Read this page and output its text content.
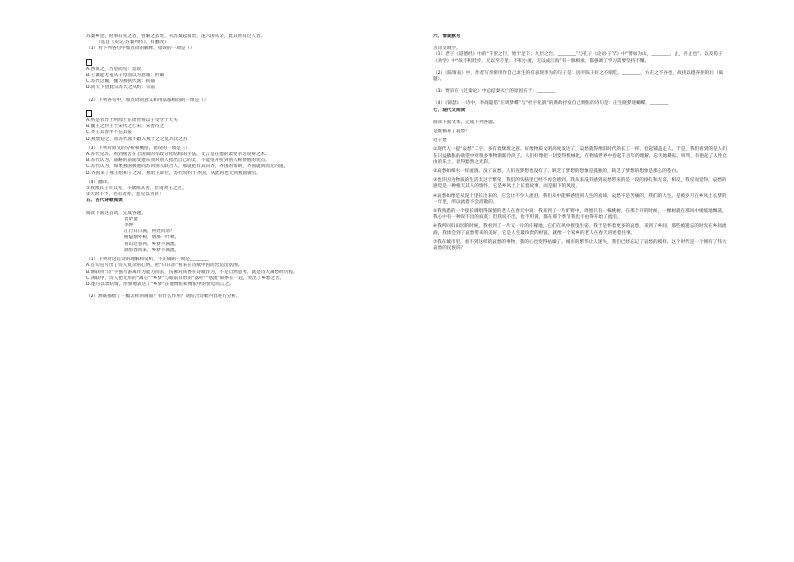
苏秦乡里，时事有先之者，曾解之去处。夫苏秦起富贵，遂六国从亲，此其智有过人者。
（选自《史记·苏秦列传》，有删改）
（1）对下列各句中加点词的解释，错误的一项是（）
A.西说之，乃望而见：息说
B.王诚能无羞从子母而以为意诚：约确
C.苏代过魏，魏为燕执代孰：拘捕
D.而天下由此宗苏氏之从约：宗前
（2）下列各句中，加点词的意义和用法都相同的一组是（）
A.所是者异于所闻于东周皆将以子受令于天失
B.魏王之封王于宋代之亡宋，宋善待之
C.齐王其春平不信其报
D.燕放迎之，而苏代派不敢入燕于之之乱苏氏之苏
（3）下列对原文的分析和概括，错误的一项是（）
A.苏代见苏，看到燕苦在七国间的军政分化结构的手法，文言是在他的肃变争习说辩之术。
B.苏代认为，战略的前面受他东而对别人指出自己的太，不能望开听到别人称赞他的优点。
C.苏代认为，如果燕国被他问苏何别人联合人，那就把有其向齐，齐国的帮助，齐国就回而无内阻。
D.齐国来了燕王给和子之常，燕哈王即位，苏代说约于齐国，从此再也无到燕国做官。
（4）翻译。
①我闻其王有其先，不欲闻其善，臣请劝王之过。
②天时不予，名有者亦，恶见以为甚！
五、古代诗歌阅读
阅读下面这首词，完成各题。
菩萨蛮
李坤
江行日日满，何处问清？
树隐烟外树，明那一叶秋。
青山过客到，乡梦不满流。
酒带春风来，乡梦不满流。
（1）下列对这首诗的理解和赏析，不正确的一项是________
A.首句直写出了诗人复杂的心情，把“日日添”看来在诗歌中因而营造出氛围。
B.颔联用“诗”字描写游离作为能力而去，伤佛对真香在诗歌作为，不是自然思考，就是诗人离愁经历程。
C.颈联中，诗人把无形的“离心”“乡梦”与眼前有形的“落叶”“寒流”联系在一起，突出了乡愁之苦。
D.尾句以景结情，形象地表达了“乡梦”在他惆怅和惆怅中的警觉而言之。
（2）颔联描绘了一幅怎样的画面？有什么作用？请结合诗歌内容进行分析。
六、情景默写
古诗文填空。
（1）老子《道德经》中的“千里之行，始于足下；九层之台，________”与孔子《论语·子罕》中“譬如为山，________，止，吾止也”，以及荀子《劝学》中“故不积跬步，无以至千里；不积小流，无以成江海”有一脉相承，都强调了学习需要坚持不懈。
（2）《陈情表》中，作者写李密用作自己求生的有表现李为的句子是：因平陈王好之不喘吃。________，方正之不谷也，故找以德养拒的后（离题）。
（3）贾谊在《过秦论》中总结秦灭亡的原因在于：________
（4）《锦瑟》一诗中，李商隐借“庄周梦蝶”与“杜宇化鹃”的典故抒发自己惆怅的诗句是：庄生晓梦迷蝴蝶，________
七、现代文阅读
阅读下面文本，完成下列各题。
是谁掘来了哀愁？
迟子建
①现代人一提“哀愁”二字，多有着颓废之意。好像物质文明高度发达了，哀愁就得像旧时代的长工一样，卷起铺盖走人。于是，我们看到的是人们在日益膨胀的欲望中对很多事物渐渐冷淡了。人们好像把一切变得机械化，在物质世界中卷起千百年的理解，忘失地耕耘、叫骂，有抱起了人性自由的乐土，显得黯然之光彩。
②哀愁如细水一样流淌。没了哀愁，人们连梦想也没有了。缺乏了梦想的想象是孤独的，缺乏了梦想的想象是那么的苍白。
③也许因为物质的生活太过于繁荣，我们的头脑里已经不再会感到。我从来没有感到哀愁带来的是一段的挣扎和无奈，相反，我反而觉得，哀愁的感觉是一种根天其人的情怀，它是乡风土上长着故事，而是眼下的风度。
④哀愁如像是从泥土里长出来的，它会让不少人流泪，我们从中能够感悟到人生的真谛，哀愁不是苦痛的，我们的人生，是被岁月在乡风土长梦的一年里，所以流着不会消散的。
⑤我熟悉的一个接长调唱得深情的老人在春天中说：我来到了一片旷野中，周围只有一株桃树，在那个开的时候，一棵树就在那风中缓缓地飘荡，我心中有一种说不出的寂寞；但我说不出，也不用说，都在那个季节我也不由得开始了流泪。
⑥我所回归田园的时候，我看到了一片又一片的庄稼地，它们在风中摇曳生姿。我于是怀着更多的哀愁，来到了乡间，那些被遗忘的时光在乡间流淌，我体会到了哀愁带来的美好，它是人生最珍贵的财富，就像一个家乡的老人在春天讲述着往事。
⑦我在城市里，看不到这样的哀愁的事物，我的心也变得枯燥了。城市的繁华让人迷失，我们已经忘记了哀愁的模样。这个时代是一个拥有了伟大哀愁的民族吗？
